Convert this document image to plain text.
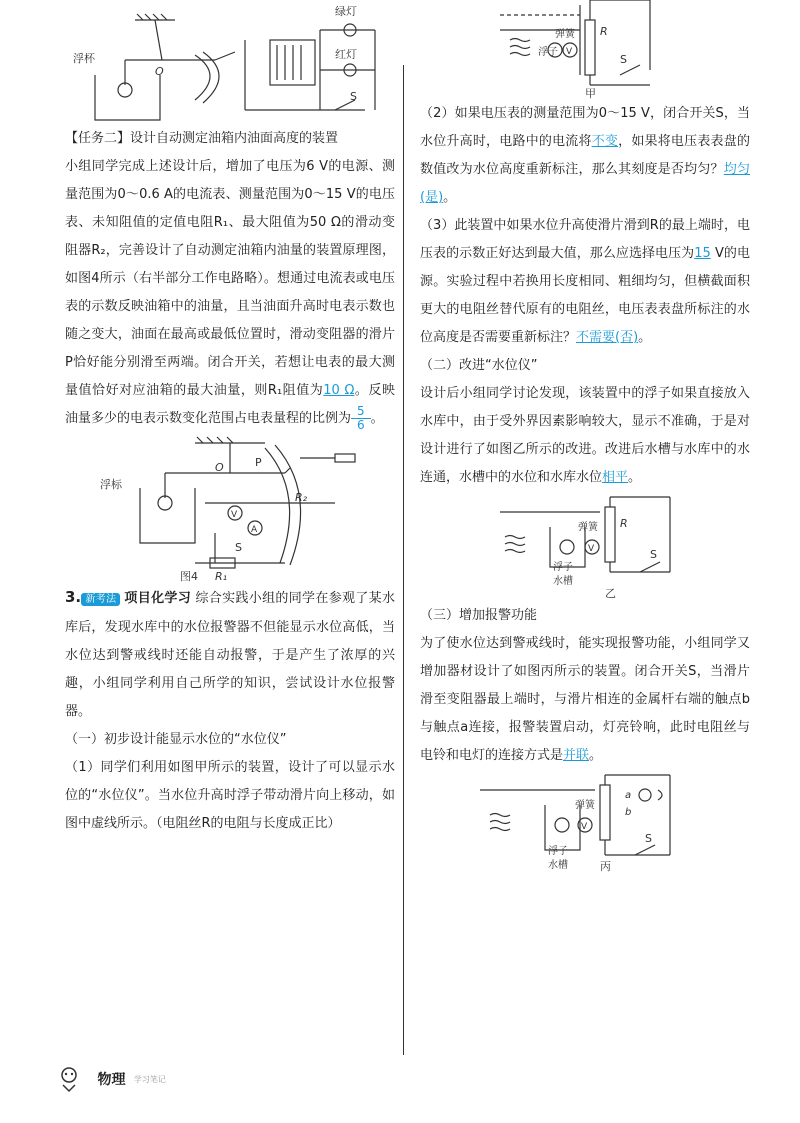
浮杯
O
绿灯
红灯
S

【任务二】设计自动测定油箱内油面高度的装置

小组同学完成上述设计后，增加了电压为6 V的电源、测量范围为0～0.6 A的电流表、测量范围为0～15 V的电压表、未知阻值的定值电阻R₁、最大阻值为50 Ω的滑动变阻器R₂，完善设计了自动测定油箱内油量的装置原理图，如图4所示（右半部分工作电路略）。想通过电流表或电压表的示数反映油箱中的油量，且当油面升高时电表示数也随之变大，油面在最高或最低位置时，滑动变阻器的滑片P恰好能分别滑至两端。闭合开关，若想让电表的最大测量值恰好对应油箱的最大油量，则R₁阻值为10 Ω。反映油量多少的电表示数变化范围占电表量程的比例为 $\frac{5}{6}$ 。

浮标
O	P
V
A
R₂
R₁
S
图4

3. 新考法 项目化学习 综合实践小组的同学在参观了某水库后，发现水库中的水位报警器不但能显示水位高低，当水位达到警戒线时还能自动报警，于是产生了浓厚的兴趣，小组同学利用自己所学的知识，尝试设计水位报警器。

（一）初步设计能显示水位的“水位仪”

（1）同学们利用如图甲所示的装置，设计了可以显示水位的“水位仪”。当水位升高时浮子带动滑片向上移动，如图中虚线所示。（电阻丝R的电阻与长度成正比）

弹簧 R
浮子 V
S
甲

（2）如果电压表的测量范围为0～15 V，闭合开关S，当水位升高时，电路中的电流将不变，如果将电压表表盘的数值改为水位高度重新标注，那么其刻度是否均匀？均匀(是)。

（3）此装置中如果水位升高使滑片滑到R的最上端时，电压表的示数正好达到最大值，那么应选择电压为15 V的电源。实验过程中若换用长度相同、粗细均匀，但横截面积更大的电阻丝替代原有的电阻丝，电压表表盘所标注的水位高度是否需要重新标注？不需要(否)。

（二）改进“水位仪”

设计后小组同学讨论发现，该装置中的浮子如果直接放入水库中，由于受外界因素影响较大，显示不准确，于是对设计进行了如图乙所示的改进。改进后水槽与水库中的水连通，水槽中的水位和水库水位相平。

弹簧 R
浮子
水槽
V	S
乙

（三）增加报警功能

为了使水位达到警戒线时，能实现报警功能，小组同学又增加器材设计了如图丙所示的装置。闭合开关S，当滑片滑至变阻器最上端时，与滑片相连的金属杆右端的触点b与触点a连接，报警装置启动，灯亮铃响，此时电阻丝与电铃和电灯的连接方式是并联。

弹簧
a
b
浮子
水槽
V
S
丙
物理 学习笔记
